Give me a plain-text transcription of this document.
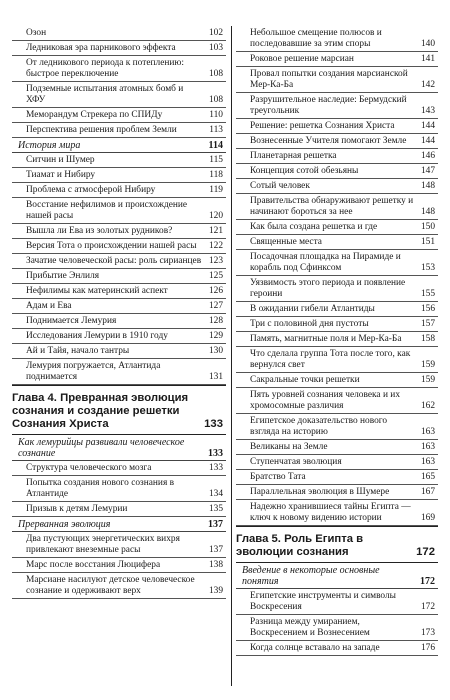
Озон	102
Ледниковая эра парникового эффекта	103
От ледникового периода к потеплению: быстрое переключение	108
Подземные испытания атомных бомб и ХФУ	108
Меморандум Стрекера по СПИДу	110
Перспектива решения проблем Земли	113
История мира	114
Ситчин и Шумер	115
Тиамат и Нибиру	118
Проблема с атмосферой Нибиру	119
Восстание нефилимов и происхождение нашей расы	120
Вышла ли Ева из золотых рудников?	121
Версия Тота о происхождении нашей расы 122
Зачатие человеческой расы: роль сирианцев 123
Прибытие Энлиля	125
Нефилимы как материнский аспект	126
Адам и Ева	127
Поднимается Лемурия	128
Исследования Лемурии в 1910 году	129
Ай и Тайя, начало тантры	130
Лемурия погружается, Атлантида поднимается	131
Глава 4. Превранная эволюция сознания и создание решетки Сознания Христа	133
Как лемурийцы развивали человеческое сознание	133
Структура человеческого мозга	133
Попытка создания нового сознания в Атлантиде	134
Призыв к детям Лемурии	135
Прерванная эволюция	137
Два пустующих энергетических вихря привлекают внеземные расы	137
Марс после восстания Люцифера	138
Марсиане насилуют детское человеческое сознание и одерживают верх	139
Небольшое смещение полюсов и последовавшие за этим споры	140
Роковое решение марсиан	141
Провал попытки создания марсианской Мер-Ка-Ба	142
Разрушительное наследие: Бермудский треугольник	143
Решение: решетка Сознания Христа	144
Вознесенные Учителя помогают Земле 144
Планетарная решетка	146
Концепция сотой обезьяны	147
Сотый человек	148
Правительства обнаруживают решетку и начинают бороться за нее	148
Как была создана решетка и где	150
Священные места	151
Посадочная площадка на Пирамиде и корабль под Сфинксом	153
Уязвимость этого периода и появление героини	155
В ожидании гибели Атлантиды	156
Три с половиной дня пустоты	157
Память, магнитные поля и Мер-Ка-Ба 158
Что сделала группа Тота после того, как вернулся свет	159
Сакральные точки решетки	159
Пять уровней сознания человека и их хромосомные различия	162
Египетское доказательство нового взгляда на историю	163
Великаны на Земле	163
Ступенчатая эволюция	163
Братство Тата	165
Параллельная эволюция в Шумере	167
Надежно хранившиеся тайны Египта — ключ к новому видению истории	169
Глава 5. Роль Египта в эволюции сознания	172
Введение в некоторые основные понятия	172
Египетские инструменты и символы Воскресения	172
Разница между умиранием, Воскресением и Вознесением	173
Когда солнце вставало на западе	176
